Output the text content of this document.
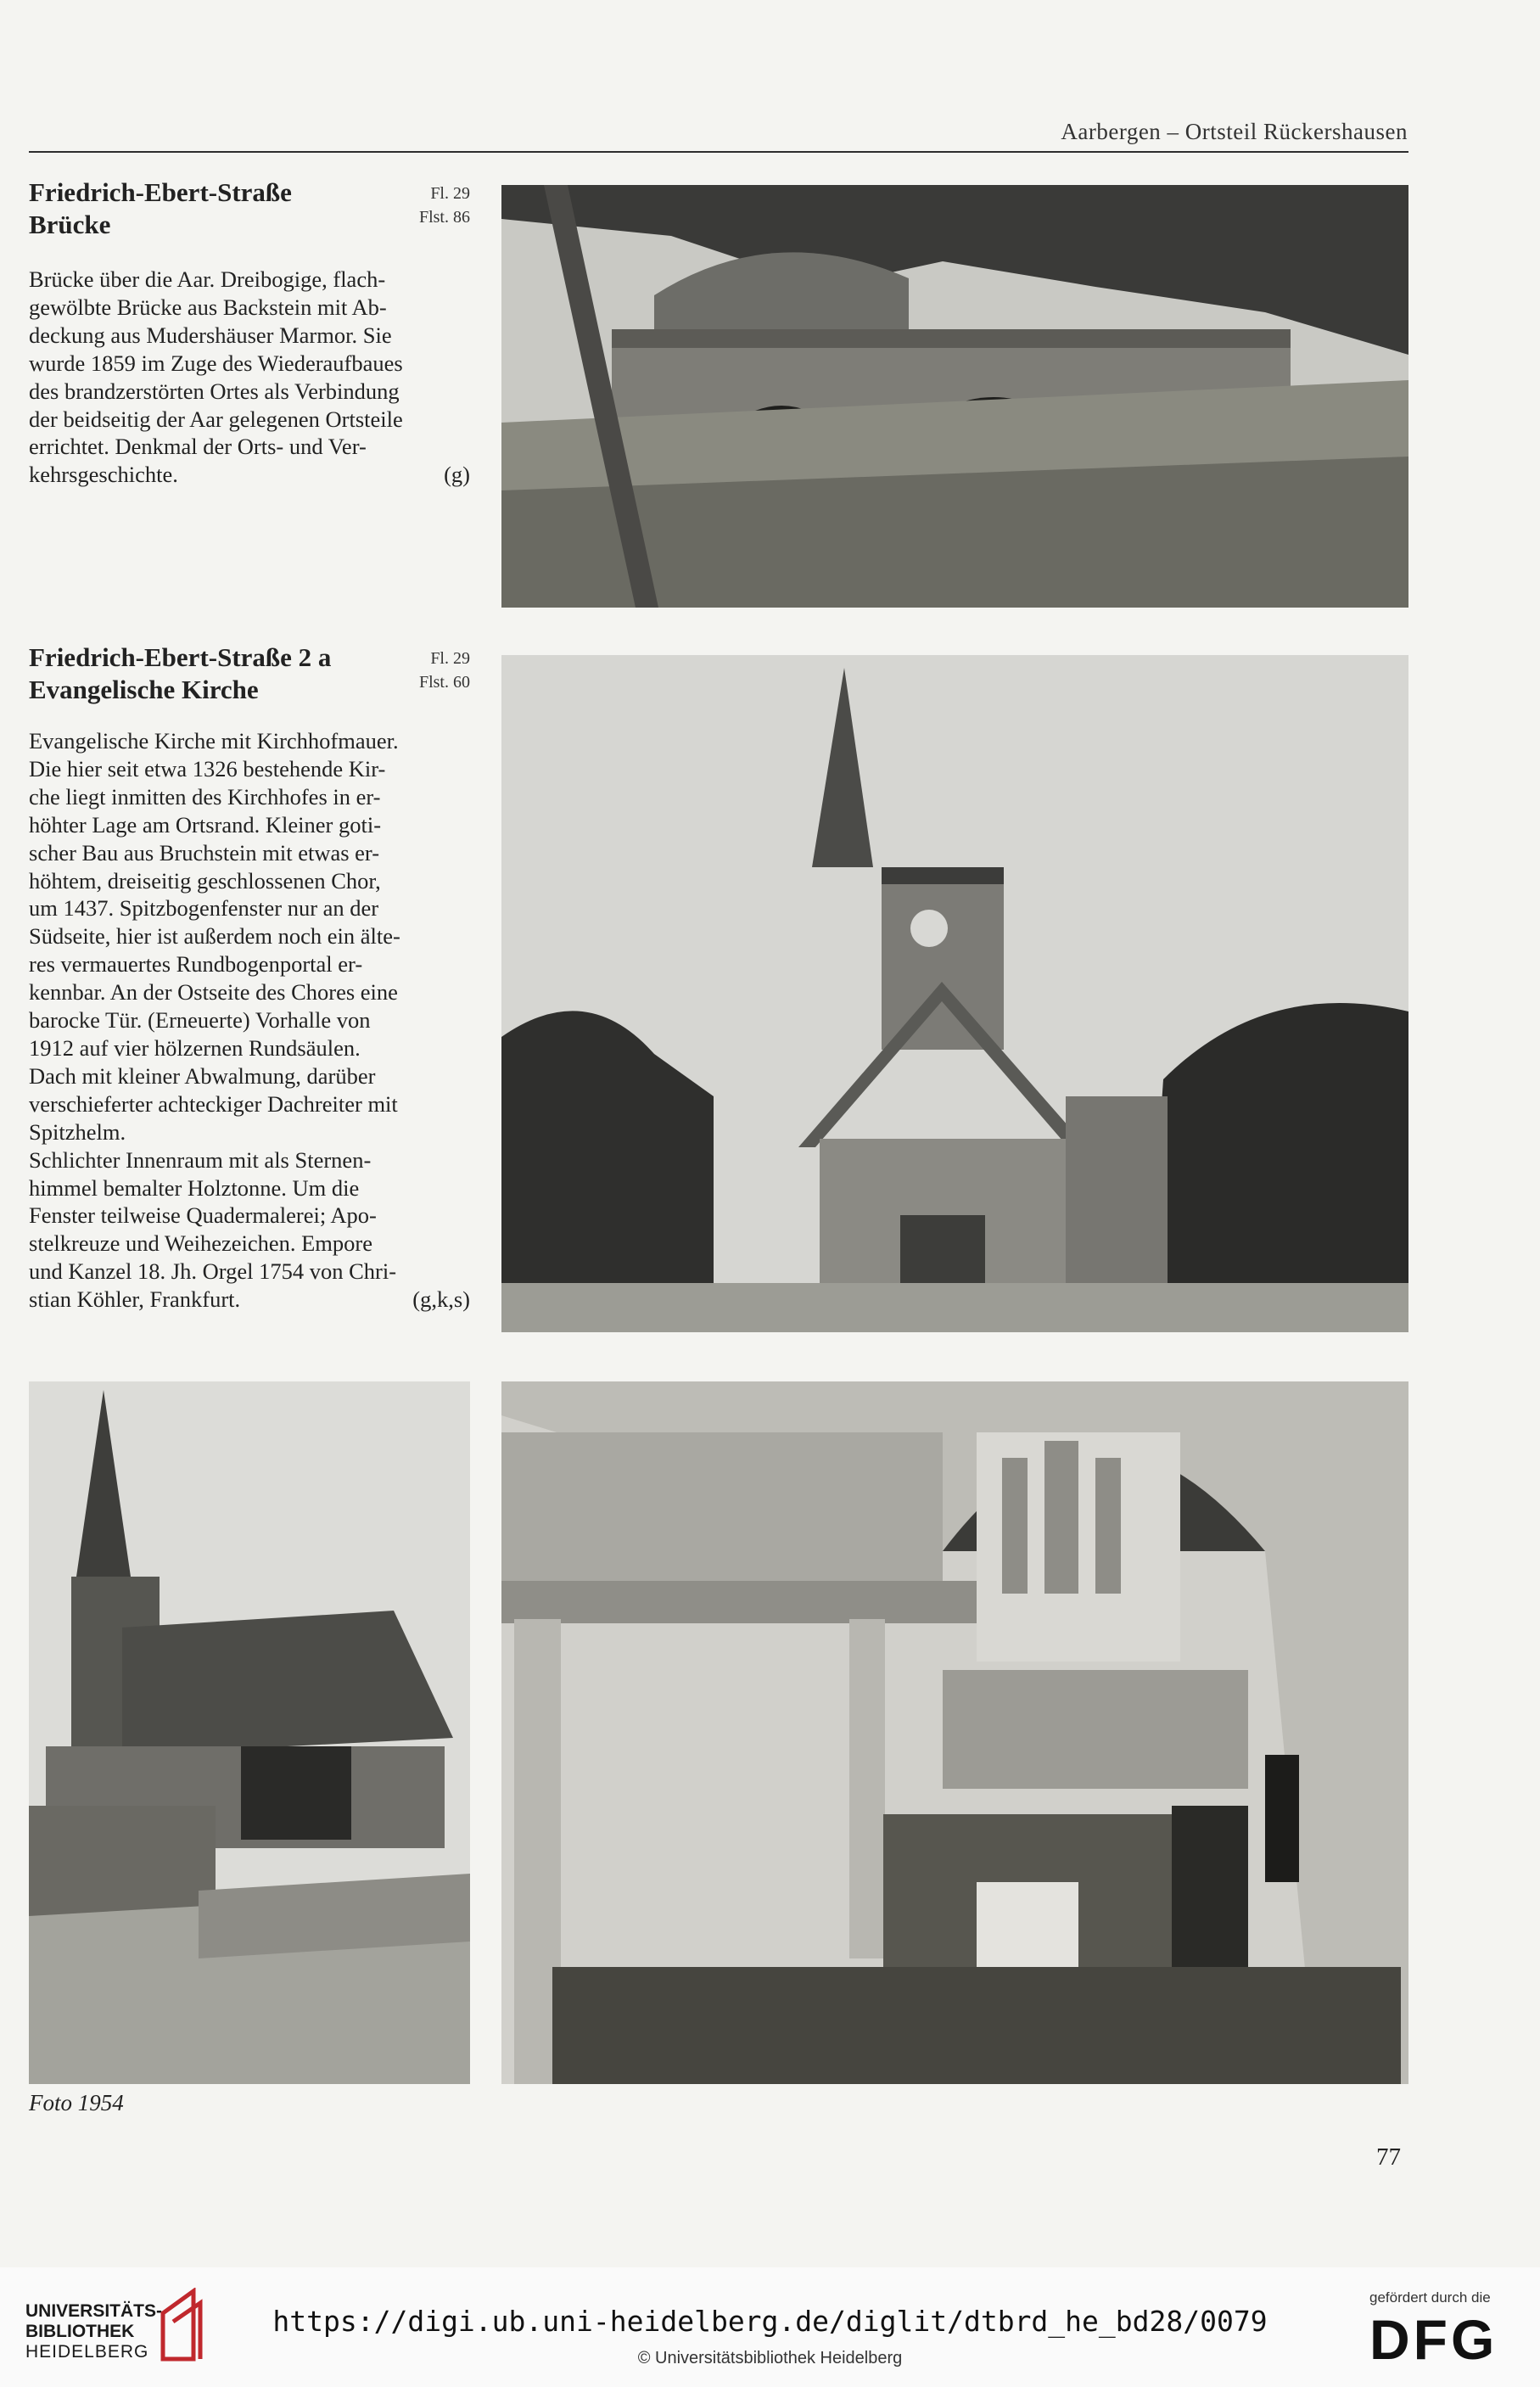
Aarbergen – Ortsteil Rückershausen
Friedrich-Ebert-Straße
Brücke
Fl. 29
Flst. 86

Brücke über die Aar. Dreibogige, flach-

gewölbte Brücke aus Backstein mit Ab-

deckung aus Mudershäuser Marmor. Sie

wurde 1859 im Zuge des Wiederaufbaues

des brandzerstörten Ortes als Verbindung

der beidseitig der Aar gelegenen Ortsteile

errichtet. Denkmal der Orts- und Ver-

kehrsgeschichte.	(g)

Friedrich-Ebert-Straße 2 a
Evangelische Kirche
Fl. 29
Flst. 60

Evangelische Kirche mit Kirchhofmauer.

Die hier seit etwa 1326 bestehende Kir-

che liegt inmitten des Kirchhofes in er-

höhter Lage am Ortsrand. Kleiner goti-

scher Bau aus Bruchstein mit etwas er-

höhtem, dreiseitig geschlossenen Chor,

um 1437. Spitzbogenfenster nur an der

Südseite, hier ist außerdem noch ein älte-

res vermauertes Rundbogenportal er-

kennbar. An der Ostseite des Chores eine

barocke Tür. (Erneuerte) Vorhalle von

1912 auf vier hölzernen Rundsäulen.

Dach mit kleiner Abwalmung, darüber

verschieferter achteckiger Dachreiter mit

Spitzhelm.

Schlichter Innenraum mit als Sternen-

himmel bemalter Holztonne. Um die

Fenster teilweise Quadermalerei; Apo-

stelkreuze und Weihezeichen. Empore

und Kanzel 18. Jh. Orgel 1754 von Chri-

stian Köhler, Frankfurt.	(g,k,s)

Foto 1954
77
UNIVERSITÄTS-
BIBLIOTHEK
HEIDELBERG
https://digi.ub.uni-heidelberg.de/diglit/dtbrd_he_bd28/0079
© Universitätsbibliothek Heidelberg
gefördert durch die
DFG
